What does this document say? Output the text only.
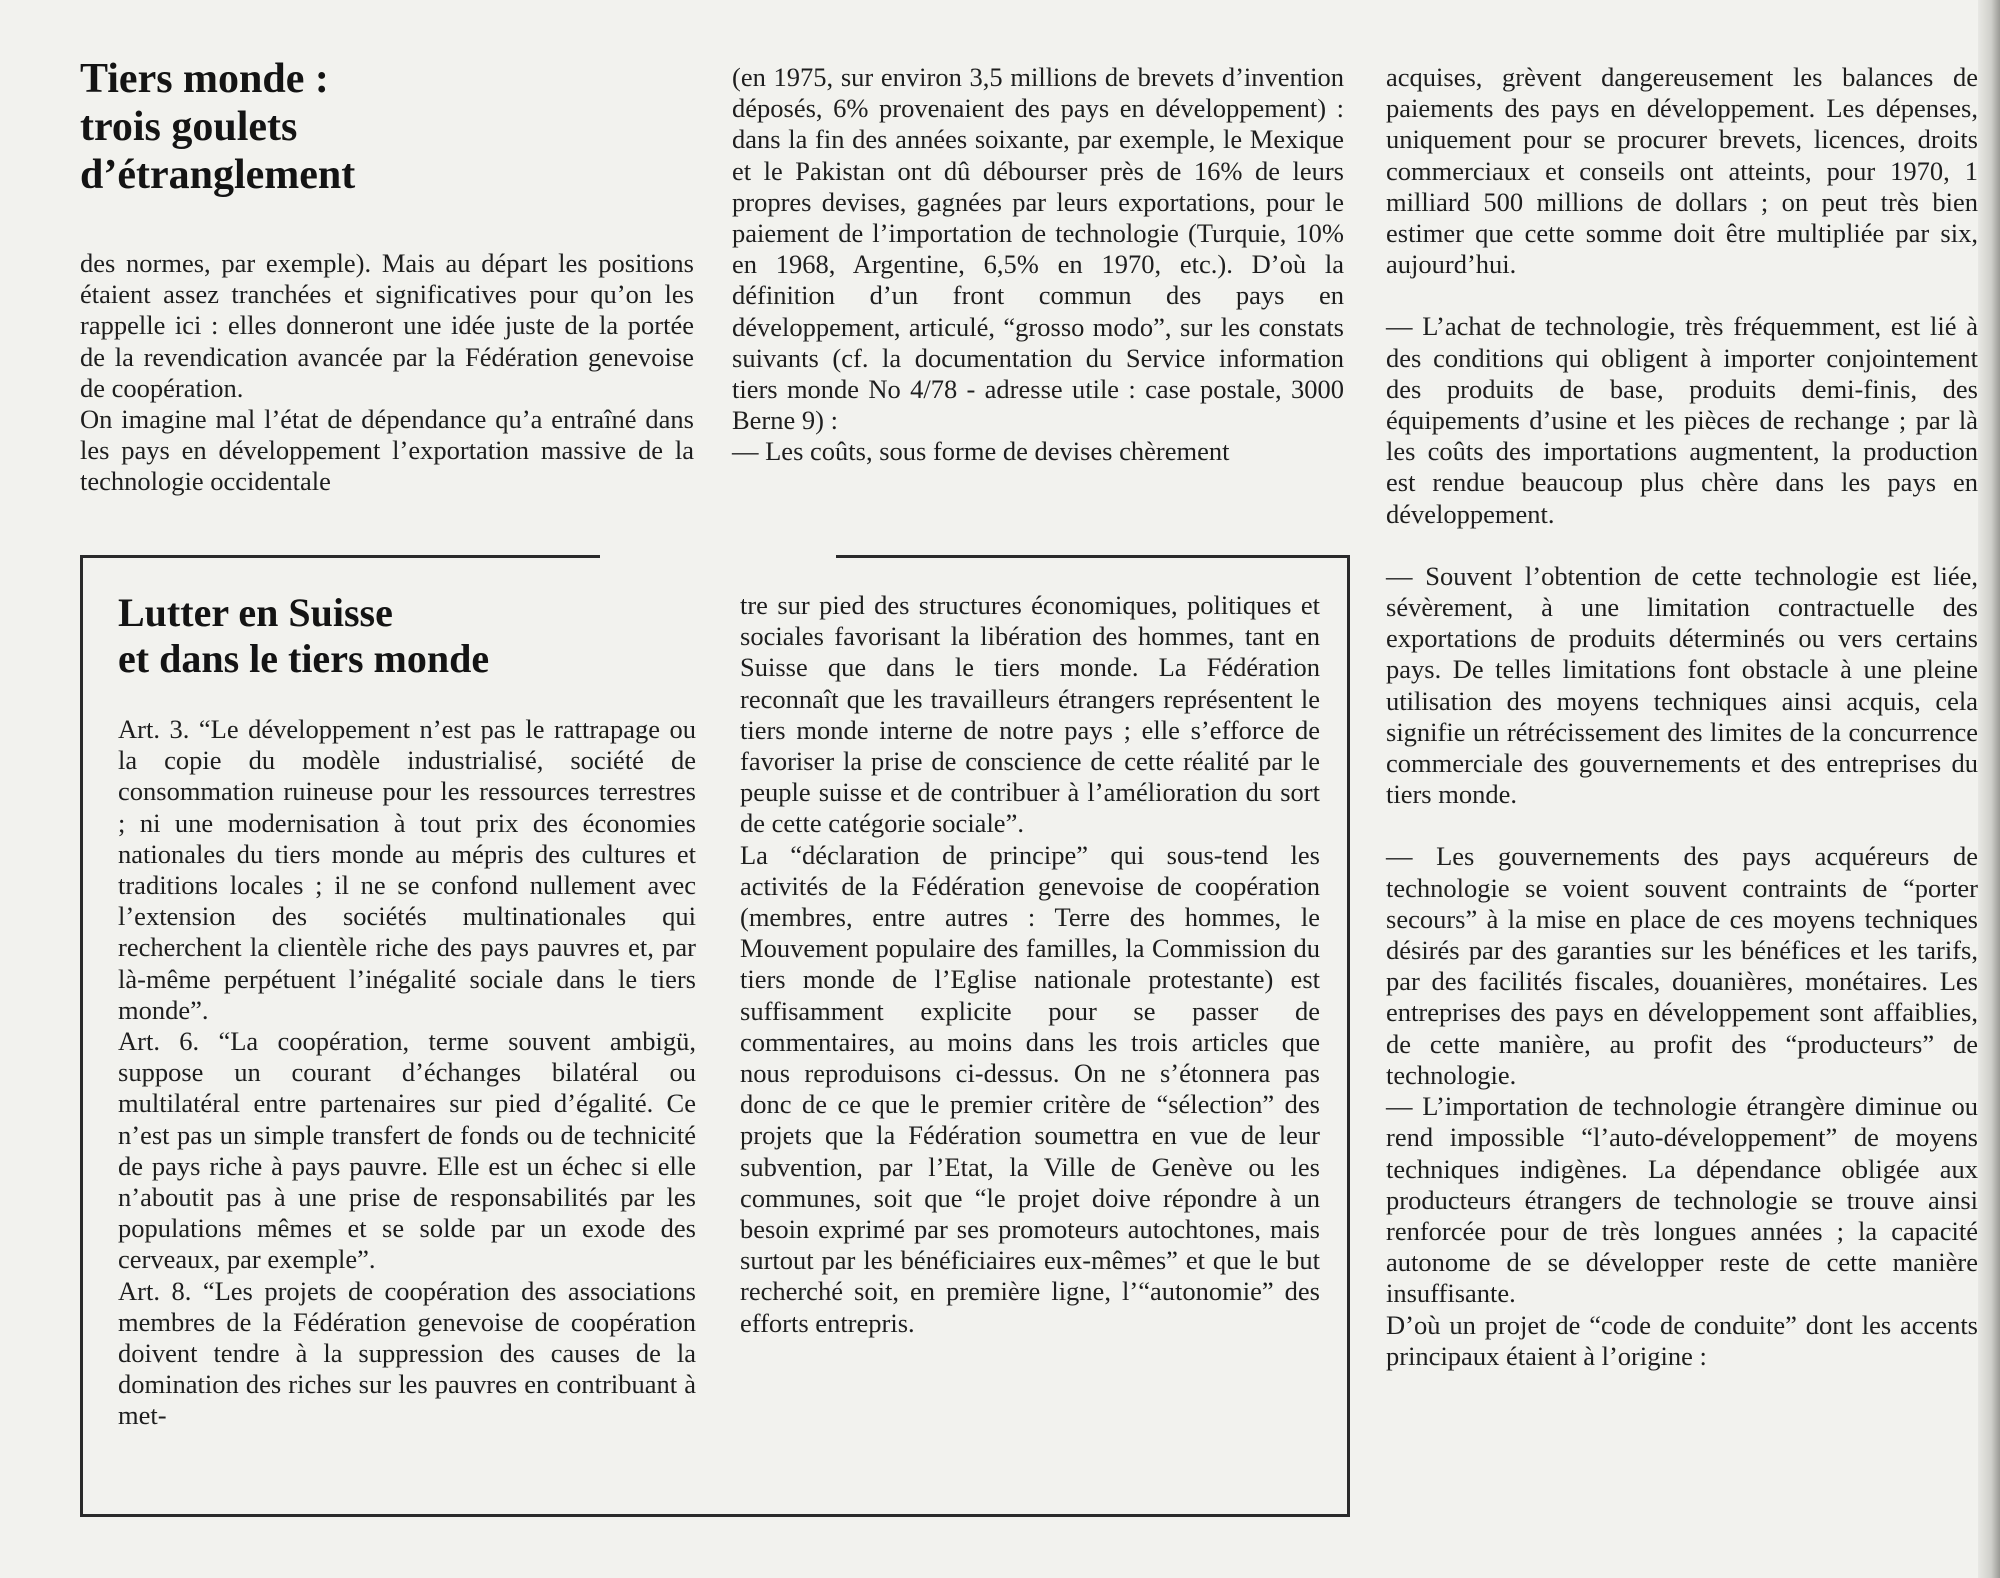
Tiers monde :
trois goulets
d’étranglement

des normes, par exemple). Mais au départ les positions étaient assez tranchées et significatives pour qu’on les rappelle ici : elles donneront une idée juste de la portée de la revendication avancée par la Fédération genevoise de coopération.

On imagine mal l’état de dépendance qu’a entraîné dans les pays en développement l’exportation massive de la technologie occidentale

(en 1975, sur environ 3,5 millions de brevets d’invention déposés, 6% provenaient des pays en développement) : dans la fin des années soixante, par exemple, le Mexique et le Pakistan ont dû débourser près de 16% de leurs propres devises, gagnées par leurs exportations, pour le paiement de l’importation de technologie (Turquie, 10% en 1968, Argentine, 6,5% en 1970, etc.). D’où la définition d’un front commun des pays en développement, articulé, “grosso modo”, sur les constats suivants (cf. la documentation du Service information tiers monde No 4/78 - adresse utile : case postale, 3000 Berne 9) :

— Les coûts, sous forme de devises chèrement

acquises, grèvent dangereusement les balances de paiements des pays en développement. Les dépenses, uniquement pour se procurer brevets, licences, droits commerciaux et conseils ont atteints, pour 1970, 1 milliard 500 millions de dollars ; on peut très bien estimer que cette somme doit être multipliée par six, aujourd’hui.

— L’achat de technologie, très fréquemment, est lié à des conditions qui obligent à importer conjointement des produits de base, produits demi-finis, des équipements d’usine et les pièces de rechange ; par là les coûts des importations augmentent, la production est rendue beaucoup plus chère dans les pays en développement.

— Souvent l’obtention de cette technologie est liée, sévèrement, à une limitation contractuelle des exportations de produits déterminés ou vers certains pays. De telles limitations font obstacle à une pleine utilisation des moyens techniques ainsi acquis, cela signifie un rétrécissement des limites de la concurrence commerciale des gouvernements et des entreprises du tiers monde.

— Les gouvernements des pays acquéreurs de technologie se voient souvent contraints de “porter secours” à la mise en place de ces moyens techniques désirés par des garanties sur les bénéfices et les tarifs, par des facilités fiscales, douanières, monétaires. Les entreprises des pays en développement sont affaiblies, de cette manière, au profit des “producteurs” de technologie.

— L’importation de technologie étrangère diminue ou rend impossible “l’auto-développement” de moyens techniques indigènes. La dépendance obligée aux producteurs étrangers de technologie se trouve ainsi renforcée pour de très longues années ; la capacité autonome de se développer reste de cette manière insuffisante.

D’où un projet de “code de conduite” dont les accents principaux étaient à l’origine :

Lutter en Suisse
et dans le tiers monde

Art. 3. “Le développement n’est pas le rattrapage ou la copie du modèle industrialisé, société de consommation ruineuse pour les ressources terrestres ; ni une modernisation à tout prix des économies nationales du tiers monde au mépris des cultures et traditions locales ; il ne se confond nullement avec l’extension des sociétés multinationales qui recherchent la clientèle riche des pays pauvres et, par là-même perpétuent l’inégalité sociale dans le tiers monde”.

Art. 6. “La coopération, terme souvent ambigü, suppose un courant d’échanges bilatéral ou multilatéral entre partenaires sur pied d’égalité. Ce n’est pas un simple transfert de fonds ou de technicité de pays riche à pays pauvre. Elle est un échec si elle n’aboutit pas à une prise de responsabilités par les populations mêmes et se solde par un exode des cerveaux, par exemple”.

Art. 8. “Les projets de coopération des associations membres de la Fédération genevoise de coopération doivent tendre à la suppression des causes de la domination des riches sur les pauvres en contribuant à met-

tre sur pied des structures économiques, politiques et sociales favorisant la libération des hommes, tant en Suisse que dans le tiers monde. La Fédération reconnaît que les travailleurs étrangers représentent le tiers monde interne de notre pays ; elle s’efforce de favoriser la prise de conscience de cette réalité par le peuple suisse et de contribuer à l’amélioration du sort de cette catégorie sociale”.

La “déclaration de principe” qui sous-tend les activités de la Fédération genevoise de coopération (membres, entre autres : Terre des hommes, le Mouvement populaire des familles, la Commission du tiers monde de l’Eglise nationale protestante) est suffisamment explicite pour se passer de commentaires, au moins dans les trois articles que nous reproduisons ci-dessus. On ne s’étonnera pas donc de ce que le premier critère de “sélection” des projets que la Fédération soumettra en vue de leur subvention, par l’Etat, la Ville de Genève ou les communes, soit que “le projet doive répondre à un besoin exprimé par ses promoteurs autochtones, mais surtout par les bénéficiaires eux-mêmes” et que le but recherché soit, en première ligne, l’“autonomie” des efforts entrepris.
